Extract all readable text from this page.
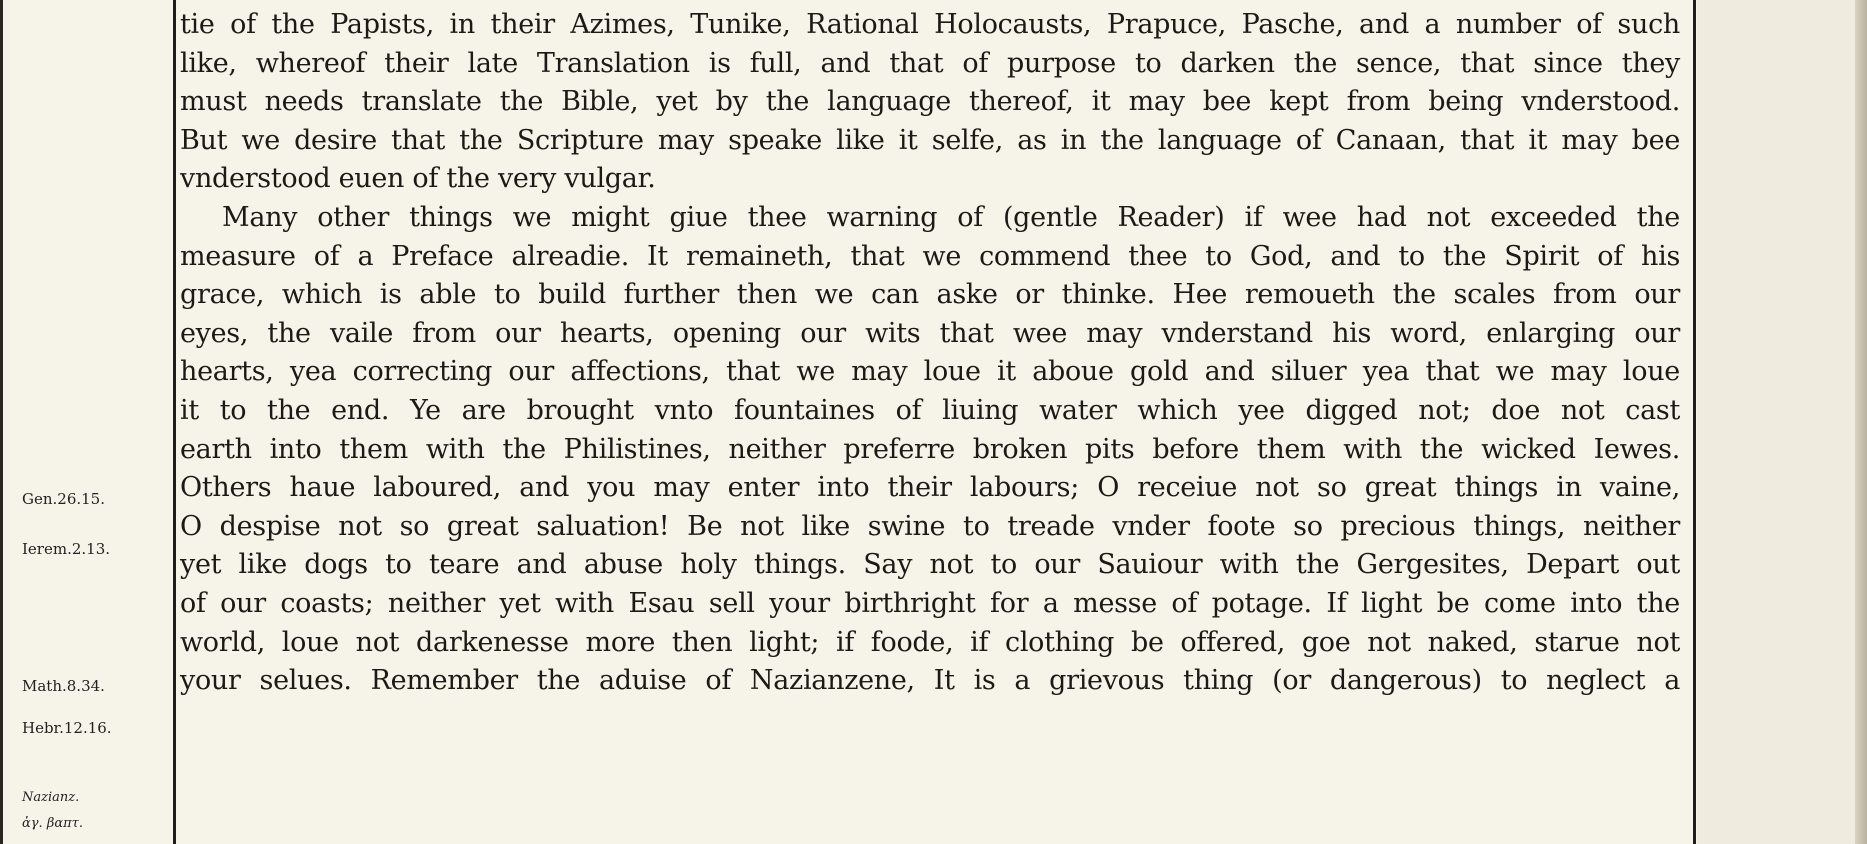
Gen.26.15.
Ierem.2.13.
Math.8.34.
Hebr.12.16.
Nazianz.
ἁγ. βαπτ.
tie of the Papists, in their Azimes, Tunike, Rational Holocausts, Prapuce, Pasche, and a number of such
like, whereof their late Translation is full, and that of purpose to darken the sence, that since they
must needs translate the Bible, yet by the language thereof, it may bee kept from being vnderstood.
But we desire that the Scripture may speake like it selfe, as in the language of Canaan, that it may bee
vnderstood euen of the very vulgar.
Many other things we might giue thee warning of (gentle Reader) if wee had not exceeded the
measure of a Preface alreadie. It remaineth, that we commend thee to God, and to the Spirit of his
grace, which is able to build further then we can aske or thinke. Hee remoueth the scales from our
eyes, the vaile from our hearts, opening our wits that wee may vnderstand his word, enlarging our
hearts, yea correcting our affections, that we may loue it aboue gold and siluer yea that we may loue
it to the end. Ye are brought vnto fountaines of liuing water which yee digged not; doe not cast
earth into them with the Philistines, neither preferre broken pits before them with the wicked Iewes.
Others haue laboured, and you may enter into their labours; O receiue not so great things in vaine,
O despise not so great saluation! Be not like swine to treade vnder foote so precious things, neither
yet like dogs to teare and abuse holy things. Say not to our Sauiour with the Gergesites, Depart out
of our coasts; neither yet with Esau sell your birthright for a messe of potage. If light be come into the
world, loue not darkenesse more then light; if foode, if clothing be offered, goe not naked, starue not
your selues. Remember the aduise of Nazianzene, It is a grievous thing (or dangerous) to neglect a
